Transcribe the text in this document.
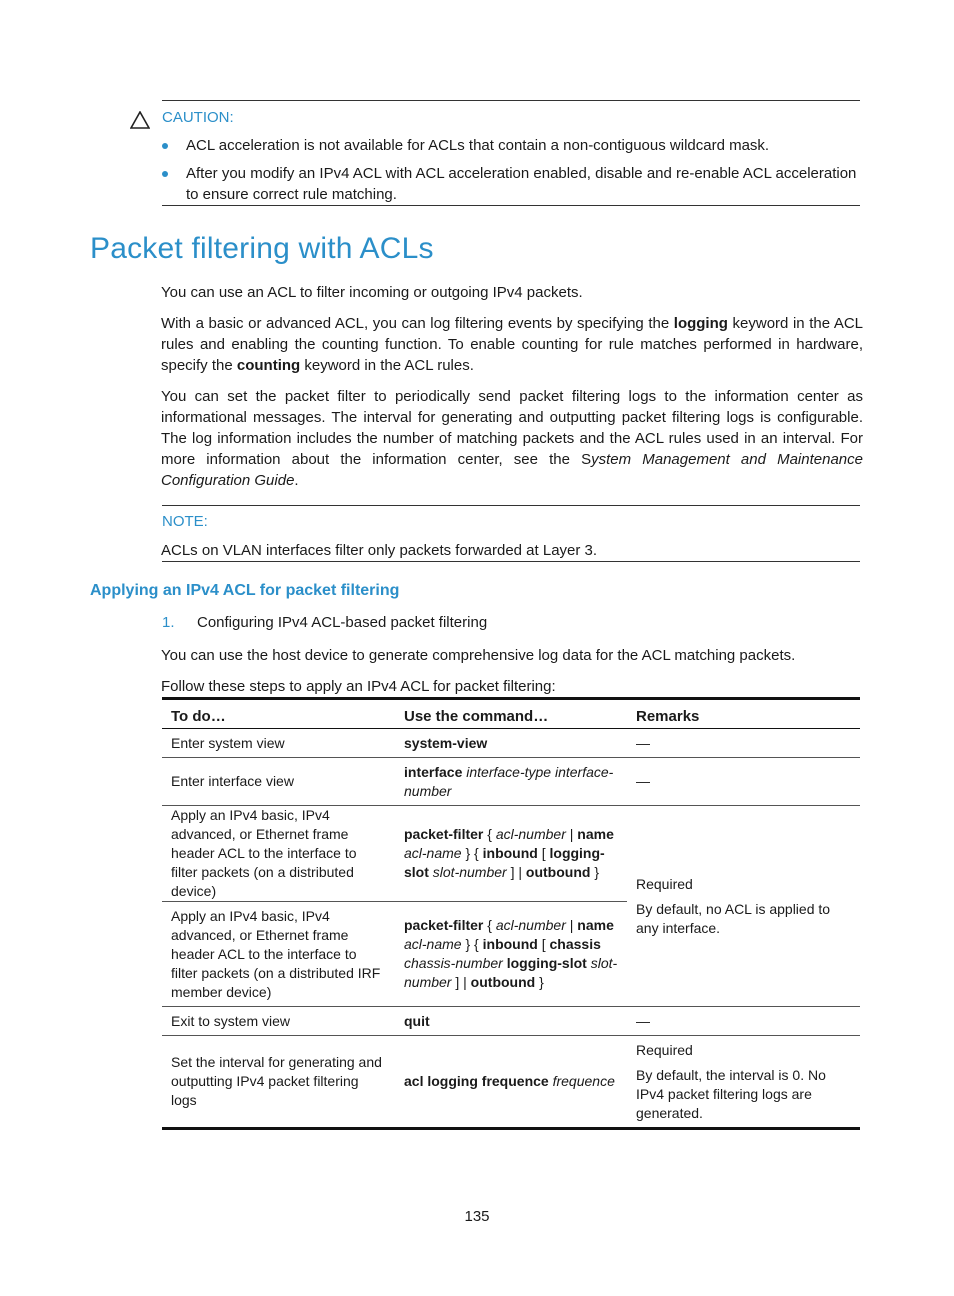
CAUTION:
ACL acceleration is not available for ACLs that contain a non-contiguous wildcard mask.
After you modify an IPv4 ACL with ACL acceleration enabled, disable and re-enable ACL acceleration to ensure correct rule matching.
Packet filtering with ACLs
You can use an ACL to filter incoming or outgoing IPv4 packets.
With a basic or advanced ACL, you can log filtering events by specifying the logging keyword in the ACL rules and enabling the counting function. To enable counting for rule matches performed in hardware, specify the counting keyword in the ACL rules.
You can set the packet filter to periodically send packet filtering logs to the information center as informational messages. The interval for generating and outputting packet filtering logs is configurable. The log information includes the number of matching packets and the ACL rules used in an interval. For more information about the information center, see the System Management and Maintenance Configuration Guide.
NOTE:
ACLs on VLAN interfaces filter only packets forwarded at Layer 3.
Applying an IPv4 ACL for packet filtering
1. Configuring IPv4 ACL-based packet filtering
You can use the host device to generate comprehensive log data for the ACL matching packets.
Follow these steps to apply an IPv4 ACL for packet filtering:
To do…	Use the command…	Remarks
Enter system view	system-view	—
Enter interface view	interface interface-type interface-number	—
Apply an IPv4 basic, IPv4 advanced, or Ethernet frame header ACL to the interface to filter packets (on a distributed device)	packet-filter { acl-number | name acl-name } { inbound [ logging-slot slot-number ] | outbound }	Required

By default, no ACL is applied to any interface.

Apply an IPv4 basic, IPv4 advanced, or Ethernet frame header ACL to the interface to filter packets (on a distributed IRF member device)	packet-filter { acl-number | name acl-name } { inbound [ chassis chassis-number logging-slot slot-number ] | outbound }	
Exit to system view	quit	—
Set the interval for generating and outputting IPv4 packet filtering logs	acl logging frequence frequence	Required

By default, the interval is 0. No IPv4 packet filtering logs are generated.

135
